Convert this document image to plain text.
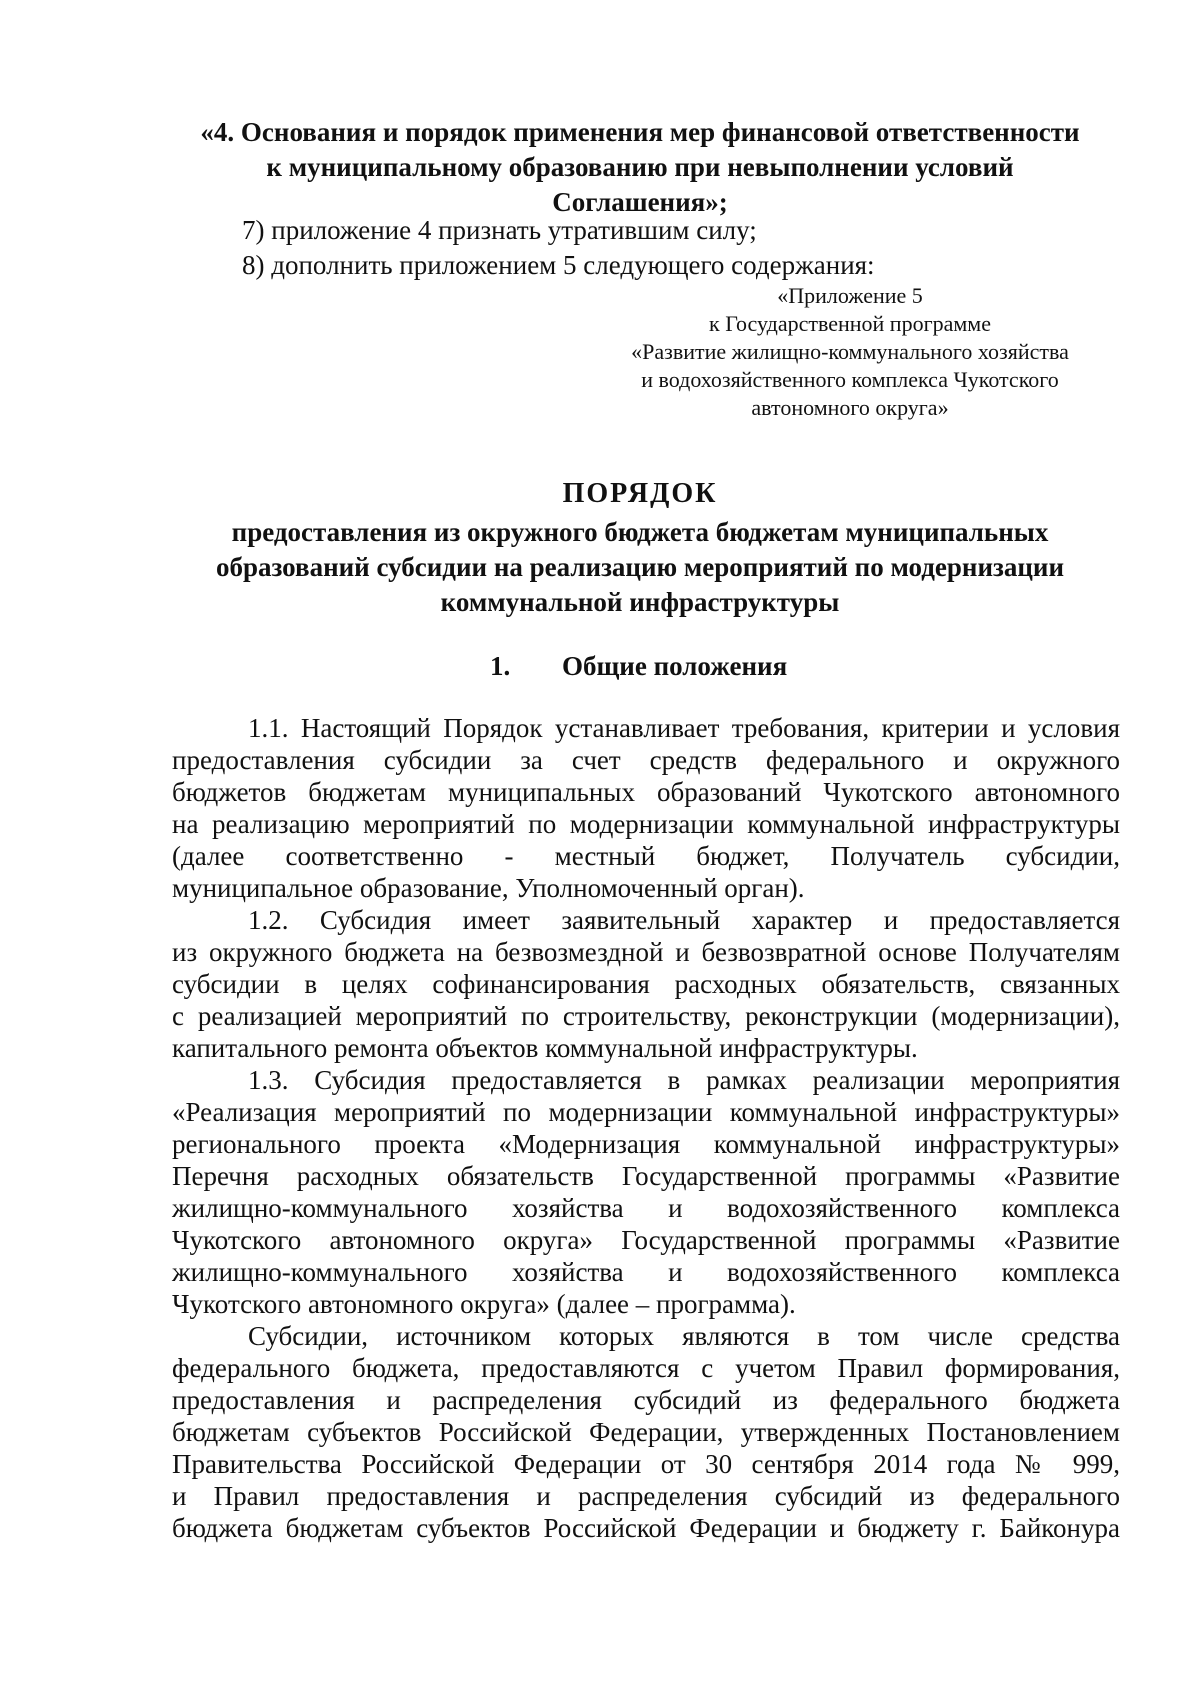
«4. Основания и порядок применения мер финансовой ответственности
к муниципальному образованию при невыполнении условий
Соглашения»;
7) приложение 4 признать утратившим силу;
8) дополнить приложением 5 следующего содержания:
«Приложение 5
к Государственной программе
«Развитие жилищно-коммунального хозяйства
и водохозяйственного комплекса Чукотского
автономного округа»
ПОРЯДОК
предоставления из окружного бюджета бюджетам муниципальных
образований субсидии на реализацию мероприятий по модернизации
коммунальной инфраструктуры
1. Общие положения
1.1. Настоящий Порядок устанавливает требования, критерии и условия
предоставления субсидии за счет средств федерального и окружного
бюджетов бюджетам муниципальных образований Чукотского автономного
на реализацию мероприятий по модернизации коммунальной инфраструктуры
(далее соответственно - местный бюджет, Получатель субсидии,
муниципальное образование, Уполномоченный орган).
1.2. Субсидия имеет заявительный характер и предоставляется
из окружного бюджета на безвозмездной и безвозвратной основе Получателям
субсидии в целях софинансирования расходных обязательств, связанных
с реализацией мероприятий по строительству, реконструкции (модернизации),
капитального ремонта объектов коммунальной инфраструктуры.
1.3. Субсидия предоставляется в рамках реализации мероприятия
«Реализация мероприятий по модернизации коммунальной инфраструктуры»
регионального проекта «Модернизация коммунальной инфраструктуры»
Перечня расходных обязательств Государственной программы «Развитие
жилищно-коммунального хозяйства и водохозяйственного комплекса
Чукотского автономного округа» Государственной программы «Развитие
жилищно-коммунального хозяйства и водохозяйственного комплекса
Чукотского автономного округа» (далее – программа).
Субсидии, источником которых являются в том числе средства
федерального бюджета, предоставляются с учетом Правил формирования,
предоставления и распределения субсидий из федерального бюджета
бюджетам субъектов Российской Федерации, утвержденных Постановлением
Правительства Российской Федерации от 30 сентября 2014 года № 999,
и Правил предоставления и распределения субсидий из федерального
бюджета бюджетам субъектов Российской Федерации и бюджету г. Байконура
